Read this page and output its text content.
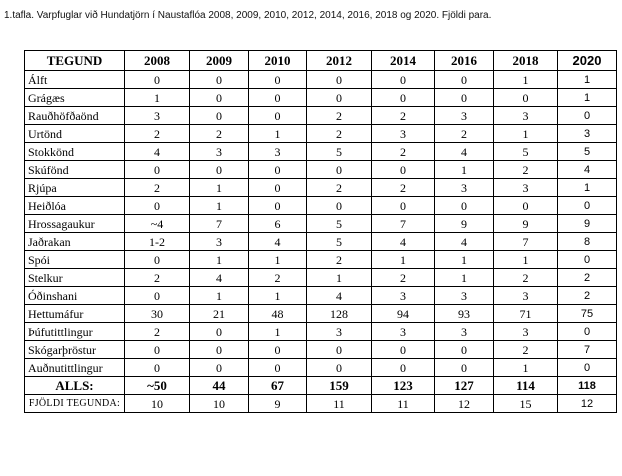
1.tafla. Varpfuglar við Hundatjörn í Naustaflóa 2008, 2009, 2010, 2012, 2014, 2016, 2018 og 2020. Fjöldi para.
TEGUND	2008	2009	2010	2012	2014	2016	2018	2020
Álft	0	0	0	0	0	0	1	1
Grágæs	1	0	0	0	0	0	0	1
Rauðhöfðaönd	3	0	0	2	2	3	3	0
Urtönd	2	2	1	2	3	2	1	3
Stokkönd	4	3	3	5	2	4	5	5
Skúfönd	0	0	0	0	0	1	2	4
Rjúpa	2	1	0	2	2	3	3	1
Heiðlóa	0	1	0	0	0	0	0	0
Hrossagaukur	~4	7	6	5	7	9	9	9
Jaðrakan	1-2	3	4	5	4	4	7	8
Spói	0	1	1	2	1	1	1	0
Stelkur	2	4	2	1	2	1	2	2
Óðinshani	0	1	1	4	3	3	3	2
Hettumáfur	30	21	48	128	94	93	71	75
Þúfutittlingur	2	0	1	3	3	3	3	0
Skógarþröstur	0	0	0	0	0	0	2	7
Auðnutittlingur	0	0	0	0	0	0	1	0
ALLS:	~50	44	67	159	123	127	114	118
FJÖLDI TEGUNDA:	10	10	9	11	11	12	15	12
